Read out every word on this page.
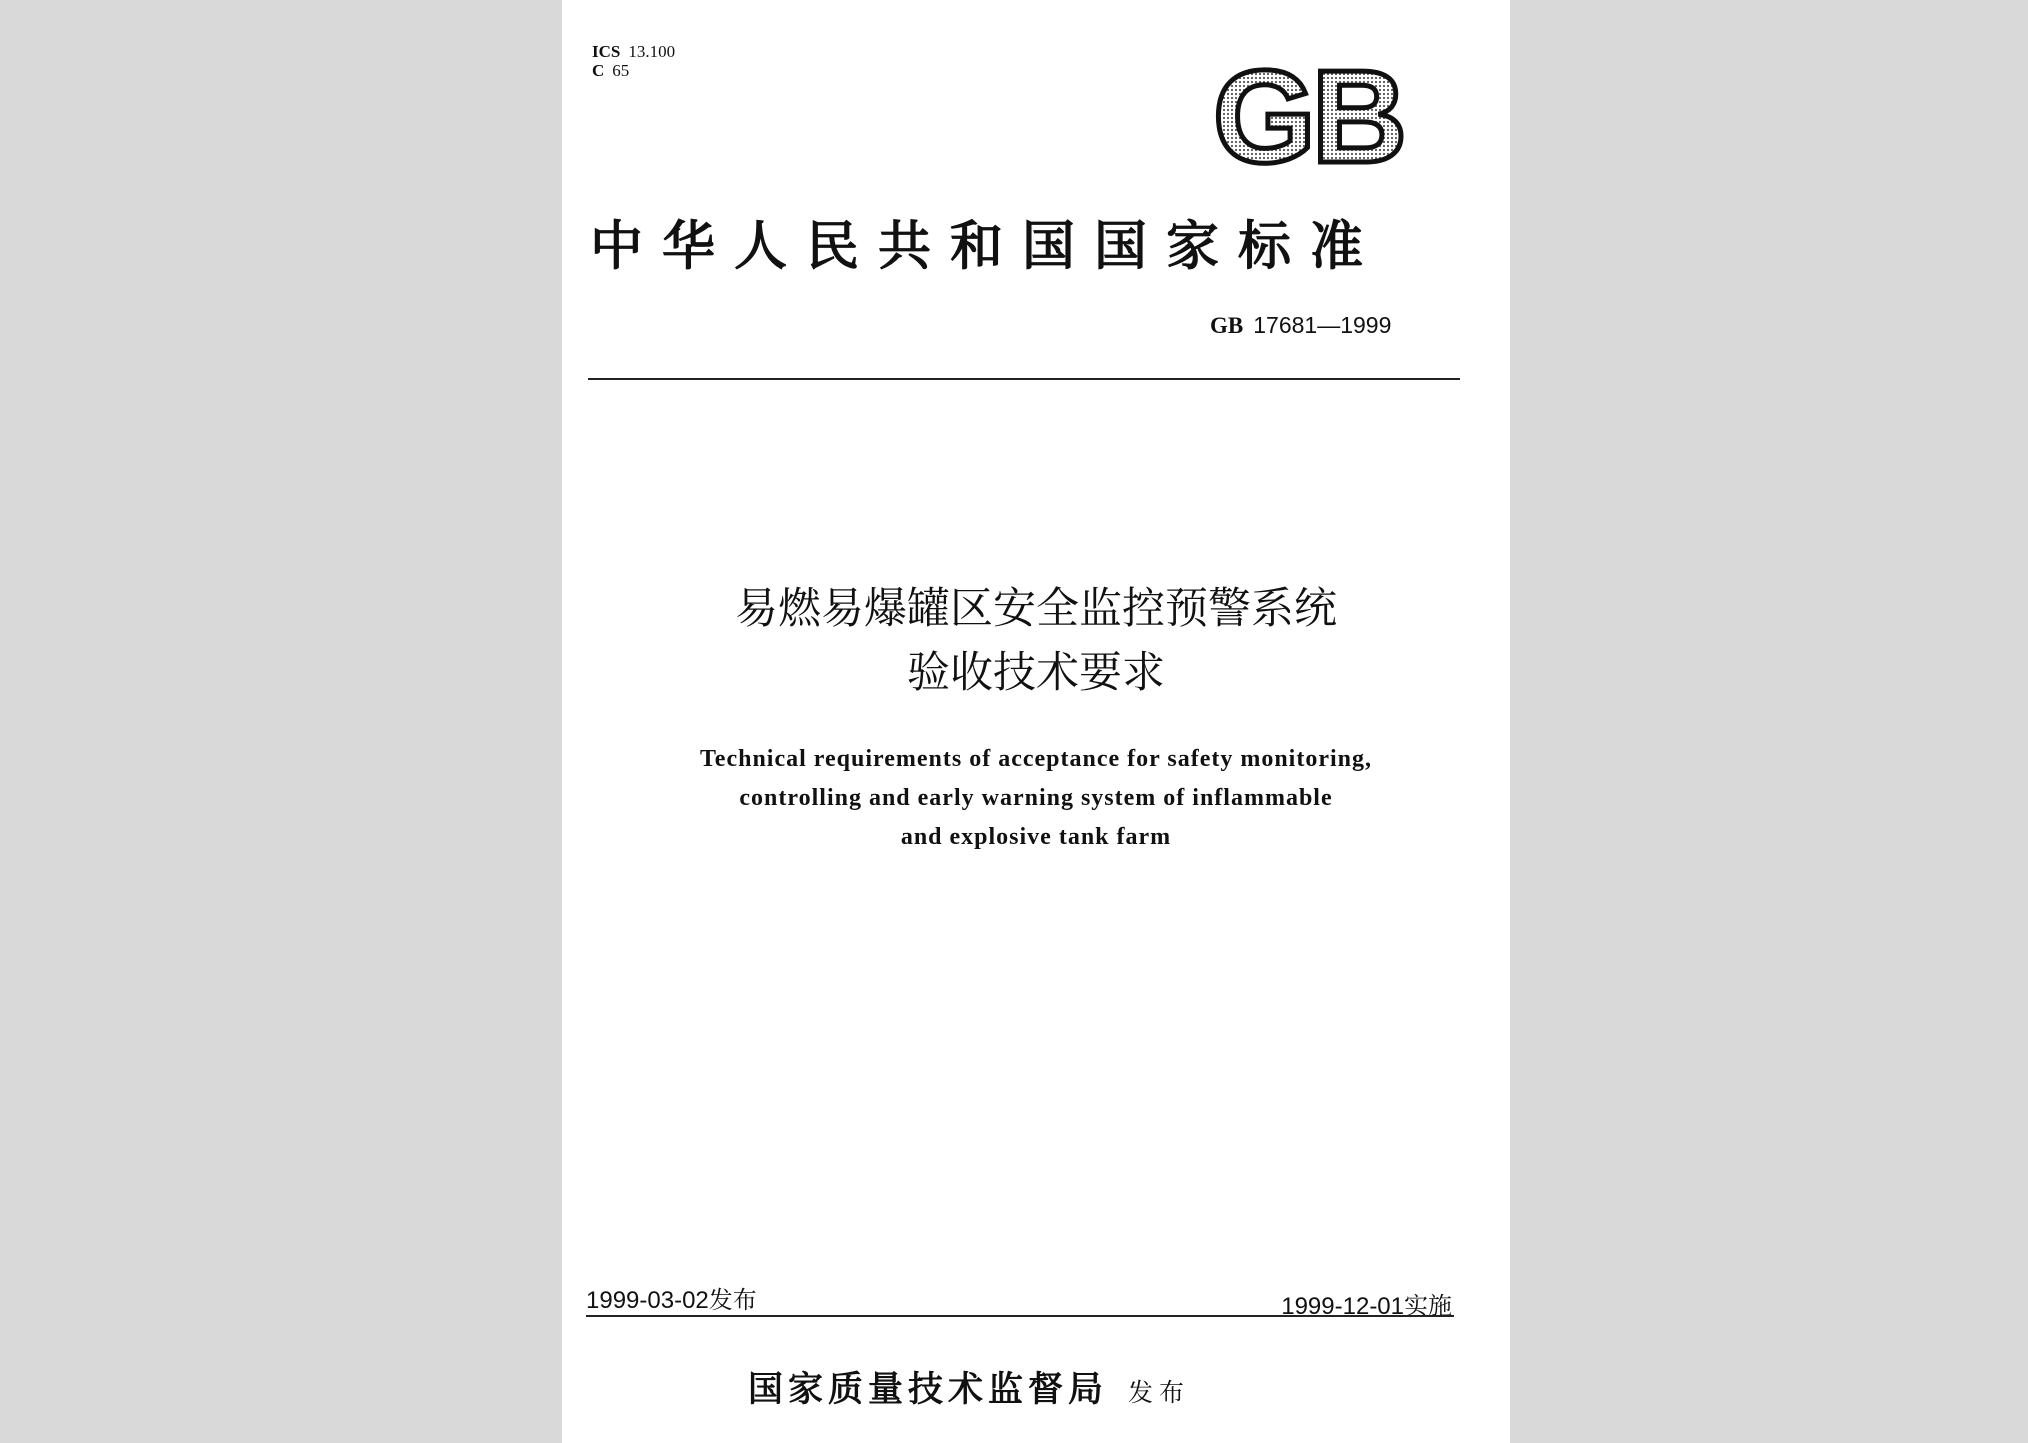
ICS 13.100
C 65	GB
中华人民共和国国家标准
GB 17681—1999
易燃易爆罐区安全监控预警系统
验收技术要求
Technical requirements of acceptance for safety monitoring,
controlling and early warning system of inflammable
and explosive tank farm
1999-03-02发布	1999-12-01实施
国家质量技术监督局 发布
